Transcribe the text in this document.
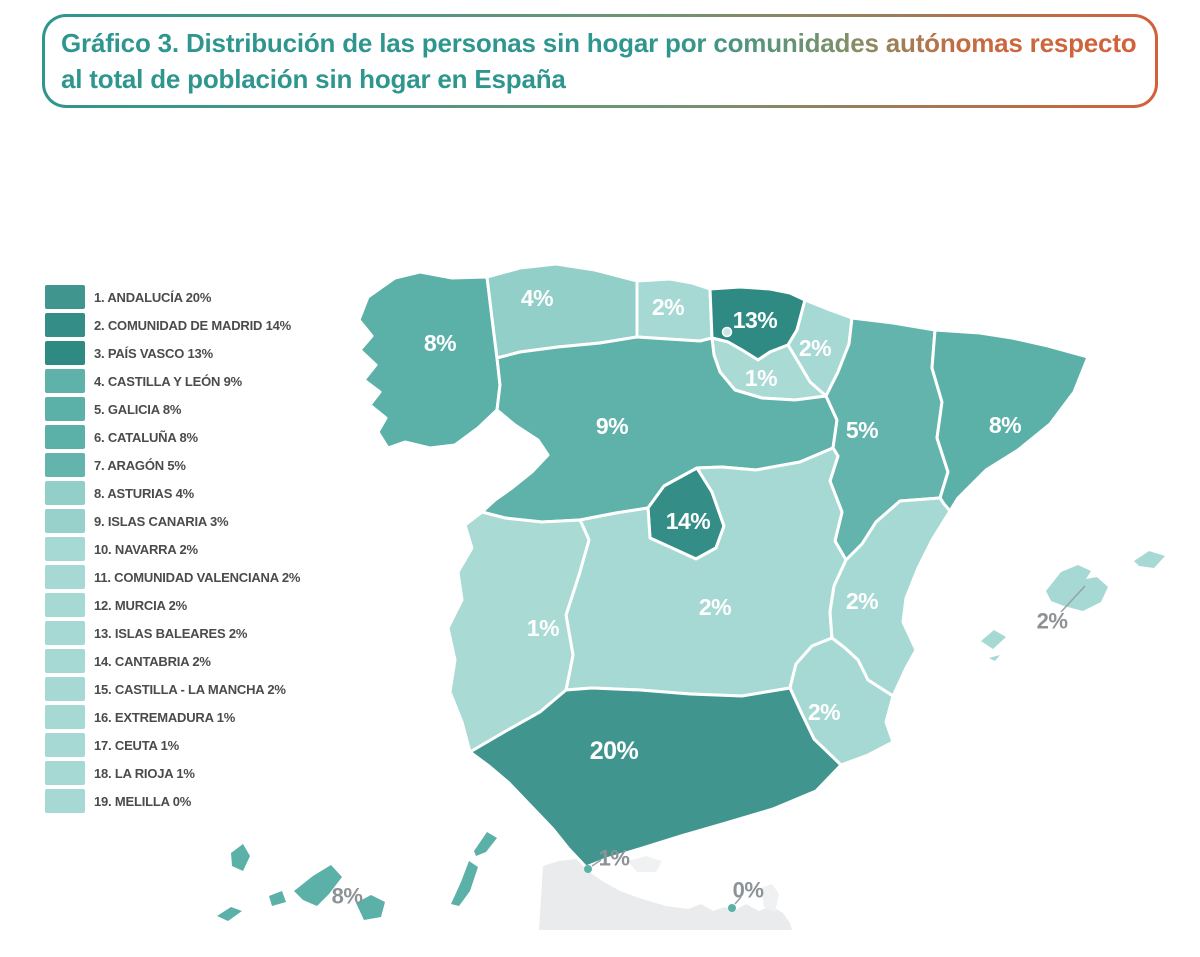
Gráfico 3. Distribución de las personas sin hogar por comunidades autónomas respecto al total de población sin hogar en España
1. ANDALUCÍA 20%
2. COMUNIDAD DE MADRID 14%
3. PAÍS VASCO 13%
4. CASTILLA Y LEÓN 9%
5. GALICIA 8%
6. CATALUÑA 8%
7. ARAGÓN 5%
8. ASTURIAS 4%
9. ISLAS CANARIA 3%
10. NAVARRA 2%
11. COMUNIDAD VALENCIANA 2%
12. MURCIA 2%
13. ISLAS BALEARES 2%
14. CANTABRIA 2%
15. CASTILLA - LA MANCHA 2%
16. EXTREMADURA 1%
17. CEUTA 1%
18. LA RIOJA 1%
19. MELILLA 0%
8%
4%	2% 13%
2%
1%
9%	5%	8%
14%
2%
1%
2%
2%
20%
8%
2%
1%
0%
